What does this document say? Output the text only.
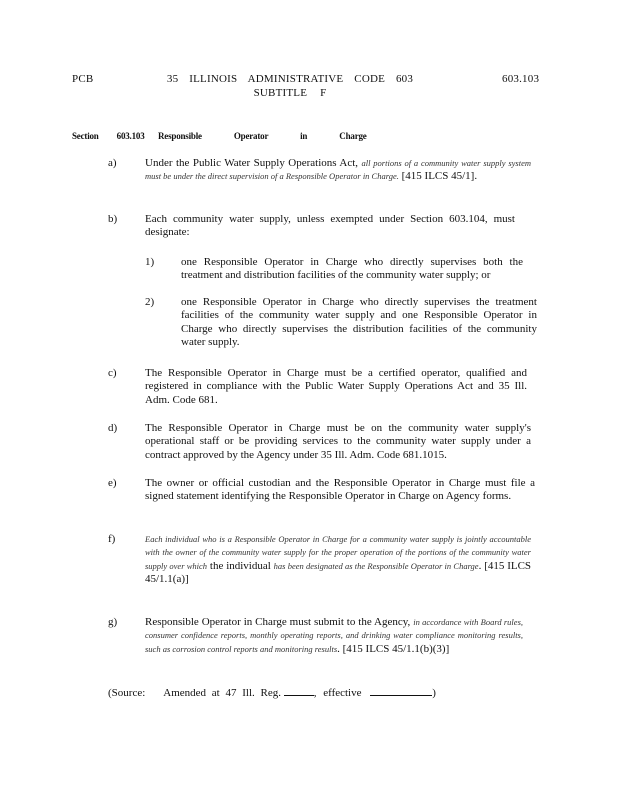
PCB	35 ILLINOIS ADMINISTRATIVE CODE 603
SUBTITLE F
603.103
Section 603.103 Responsible Operator in Charge
a)	Under the Public Water Supply Operations Act, all portions of a community water supply system must be under the direct supervision of a Responsible Operator in Charge. [415 ILCS 45/1].
b)	Each community water supply, unless exempted under Section 603.104, must designate:
1) one Responsible Operator in Charge who directly supervises both the treatment and distribution facilities of the community water supply; or
2) one Responsible Operator in Charge who directly supervises the treatment facilities of the community water supply and one Responsible Operator in Charge who directly supervises the distribution facilities of the community water supply.
c)	The Responsible Operator in Charge must be a certified operator, qualified and registered in compliance with the Public Water Supply Operations Act and 35 Ill. Adm. Code 681.
d)	The Responsible Operator in Charge must be on the community water supply's operational staff or be providing services to the community water supply under a contract approved by the Agency under 35 Ill. Adm. Code 681.1015.
e)	The owner or official custodian and the Responsible Operator in Charge must file a signed statement identifying the Responsible Operator in Charge on Agency forms.
f)	Each individual who is a Responsible Operator in Charge for a community water supply is jointly accountable with the owner of the community water supply for the proper operation of the portions of the community water supply over which the individual has been designated as the Responsible Operator in Charge. [415 ILCS 45/1.1(a)]
g)	Responsible Operator in Charge must submit to the Agency, in accordance with Board rules, consumer confidence reports, monthly operating reports, and drinking water compliance monitoring results, such as corrosion control reports and monitoring results. [415 ILCS 45/1.1(b)(3)]
(Source: Amended at 47 Ill. Reg.	, effective	)
